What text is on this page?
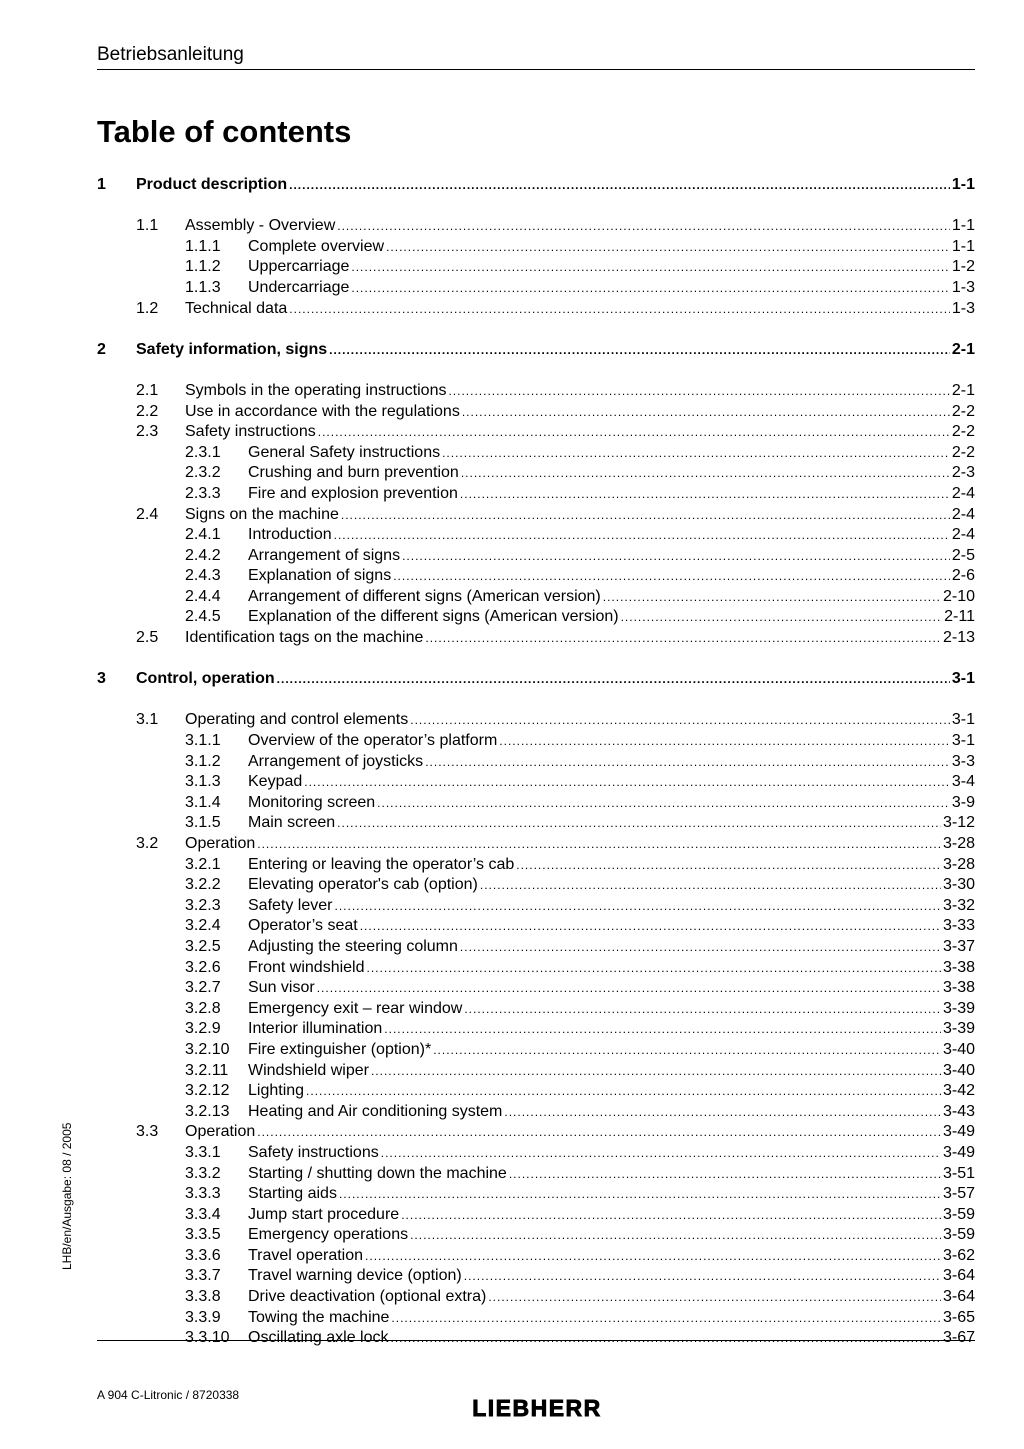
Betriebsanleitung
Table of contents
1	Product description .....	1-1
1.1	Assembly - Overview .....	1-1
1.1.1	Complete overview .....	1-1
1.1.2	Uppercarriage .....	1-2
1.1.3	Undercarriage .....	1-3
1.2	Technical data .....	1-3
2	Safety information, signs .....	2-1
2.1	Symbols in the operating instructions .....	2-1
2.2	Use in accordance with the regulations .....	2-2
2.3	Safety instructions .....	2-2
2.3.1	General Safety instructions .....	2-2
2.3.2	Crushing and burn prevention .....	2-3
2.3.3	Fire and explosion prevention .....	2-4
2.4	Signs on the machine .....	2-4
2.4.1	Introduction .....	2-4
2.4.2	Arrangement of signs .....	2-5
2.4.3	Explanation of signs .....	2-6
2.4.4	Arrangement of different signs (American version) .....	2-10
2.4.5	Explanation of the different signs (American version) .....	2-11
2.5	Identification tags on the machine .....	2-13
3	Control, operation .....	3-1
3.1	Operating and control elements .....	3-1
3.1.1	Overview of the operator’s platform .....	3-1
3.1.2	Arrangement of joysticks .....	3-3
3.1.3	Keypad .....	3-4
3.1.4	Monitoring screen .....	3-9
3.1.5	Main screen .....	3-12
3.2	Operation .....	3-28
3.2.1	Entering or leaving the operator’s cab .....	3-28
3.2.2	Elevating operator's cab (option) .....	3-30
3.2.3	Safety lever .....	3-32
3.2.4	Operator’s seat .....	3-33
3.2.5	Adjusting the steering column .....	3-37
3.2.6	Front windshield .....	3-38
3.2.7	Sun visor .....	3-38
3.2.8	Emergency exit – rear window .....	3-39
3.2.9	Interior illumination .....	3-39
3.2.10	Fire extinguisher (option)* .....	3-40
3.2.11	Windshield wiper .....	3-40
3.2.12	Lighting .....	3-42
3.2.13	Heating and Air conditioning system .....	3-43
3.3	Operation .....	3-49
3.3.1	Safety instructions .....	3-49
3.3.2	Starting / shutting down the machine .....	3-51
3.3.3	Starting aids .....	3-57
3.3.4	Jump start procedure .....	3-59
3.3.5	Emergency operations .....	3-59
3.3.6	Travel operation .....	3-62
3.3.7	Travel warning device (option) .....	3-64
3.3.8	Drive deactivation (optional extra) .....	3-64
3.3.9	Towing the machine .....	3-65
3.3.10	Oscillating axle lock .....	3-67
LHB/en/Ausgabe: 08 / 2005
A 904 C-Litronic / 8720338	LIEBHERR
